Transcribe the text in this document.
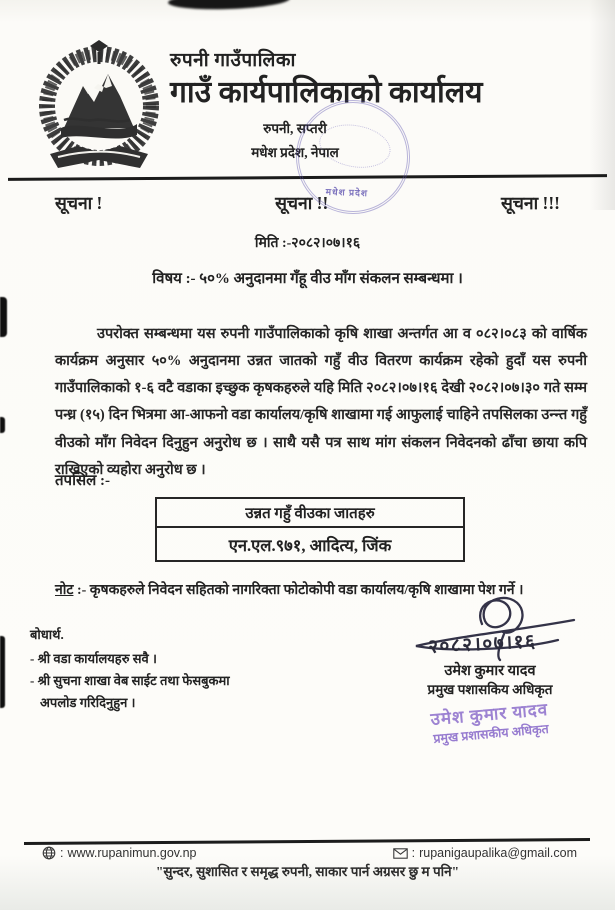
रुपनी गाउँपालिका
गाउँ कार्यपालिकाको कार्यालय
रुपनी, सप्तरी
मधेश प्रदेश, नेपाल
मधेश प्रदेश
सूचना !	सूचना !!	सूचना !!!
मिति :-२०८२।०७।१६
विषय :- ५०% अनुदानमा गँहू वीउ माँग संकलन सम्बन्धमा ।

उपरोक्त सम्बन्धमा यस रुपनी गाउँपालिकाको कृषि शाखा अन्तर्गत आ व ०८२।०८३ को वार्षिक कार्यक्रम अनुसार ५०% अनुदानमा उन्नत जातको गहुँ वीउ वितरण कार्यक्रम रहेको हुदाँ यस रुपनी गाउँपालिकाको १-६ वटै वडाका इच्छुक कृषकहरुले यहि मिति २०८२।०७।१६ देखी २०८२।०७।३० गते सम्म पन्ध्र (१५) दिन भित्रमा आ-आफनो वडा कार्यालय/कृषि शाखामा गई आफुलाई चाहिने तपसिलका उन्न्त गहुँ वीउको माँग निवेदन दिनुहुन अनुरोध छ । साथै यसै पत्र साथ मांग संकलन निवेदनको ढाँचा छाया कपि राखिएको व्यहोरा अनुरोध छ ।

तपसिल :-
उन्नत गहुँ वीउका जातहरु
एन.एल.९७१, आदित्य, जिंक
नोट :- कृषकहरुले निवेदन सहितको नागरिक्ता फोटोकोपी वडा कार्यालय/कृषि शाखामा पेश गर्ने ।
बोधार्थ.
- श्री वडा कार्यालयहरु सवै ।
- श्री सुचना शाखा वेब साईट तथा फेसबुकमा अपलोड गरिदिनुहुन ।
२०८२।०७।१६
उमेश कुमार यादव
प्रमुख पशासकिय अधिकृत
उमेश कुमार यादव
प्रमुख प्रशासकीय अधिकृत
: www.rupanimun.gov.np	: rupanigaupalika@gmail.com
"सुन्दर, सुशासित र समृद्ध रुपनी, साकार पार्न अग्रसर छु म पनि"
